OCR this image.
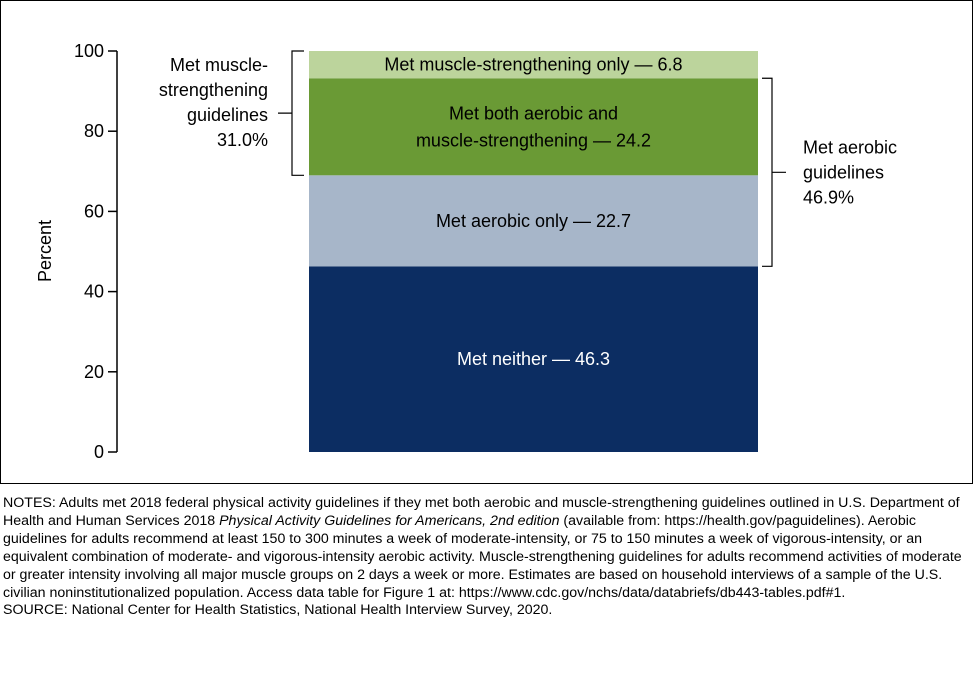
Percent
0
20
40
60
80
100
Met neither — 46.3
Met aerobic only — 22.7
Met both aerobic and
muscle-strengthening — 24.2
Met muscle-strengthening only — 6.8
Met muscle-
strengthening
guidelines
31.0%	Met aerobic
guidelines
46.9%

NOTES: Adults met 2018 federal physical activity guidelines if they met both aerobic and muscle-strengthening guidelines outlined in U.S. Department of Health and Human Services 2018 Physical Activity Guidelines for Americans, 2nd edition (available from: https://health.gov/paguidelines). Aerobic guidelines for adults recommend at least 150 to 300 minutes a week of moderate-intensity, or 75 to 150 minutes a week of vigorous-intensity, or an equivalent combination of moderate- and vigorous-intensity aerobic activity. Muscle-strengthening guidelines for adults recommend activities of moderate or greater intensity involving all major muscle groups on 2 days a week or more. Estimates are based on household interviews of a sample of the U.S. civilian noninstitutionalized population. Access data table for Figure 1 at: https://www.cdc.gov/nchs/data/databriefs/db443-tables.pdf#1.

SOURCE: National Center for Health Statistics, National Health Interview Survey, 2020.
